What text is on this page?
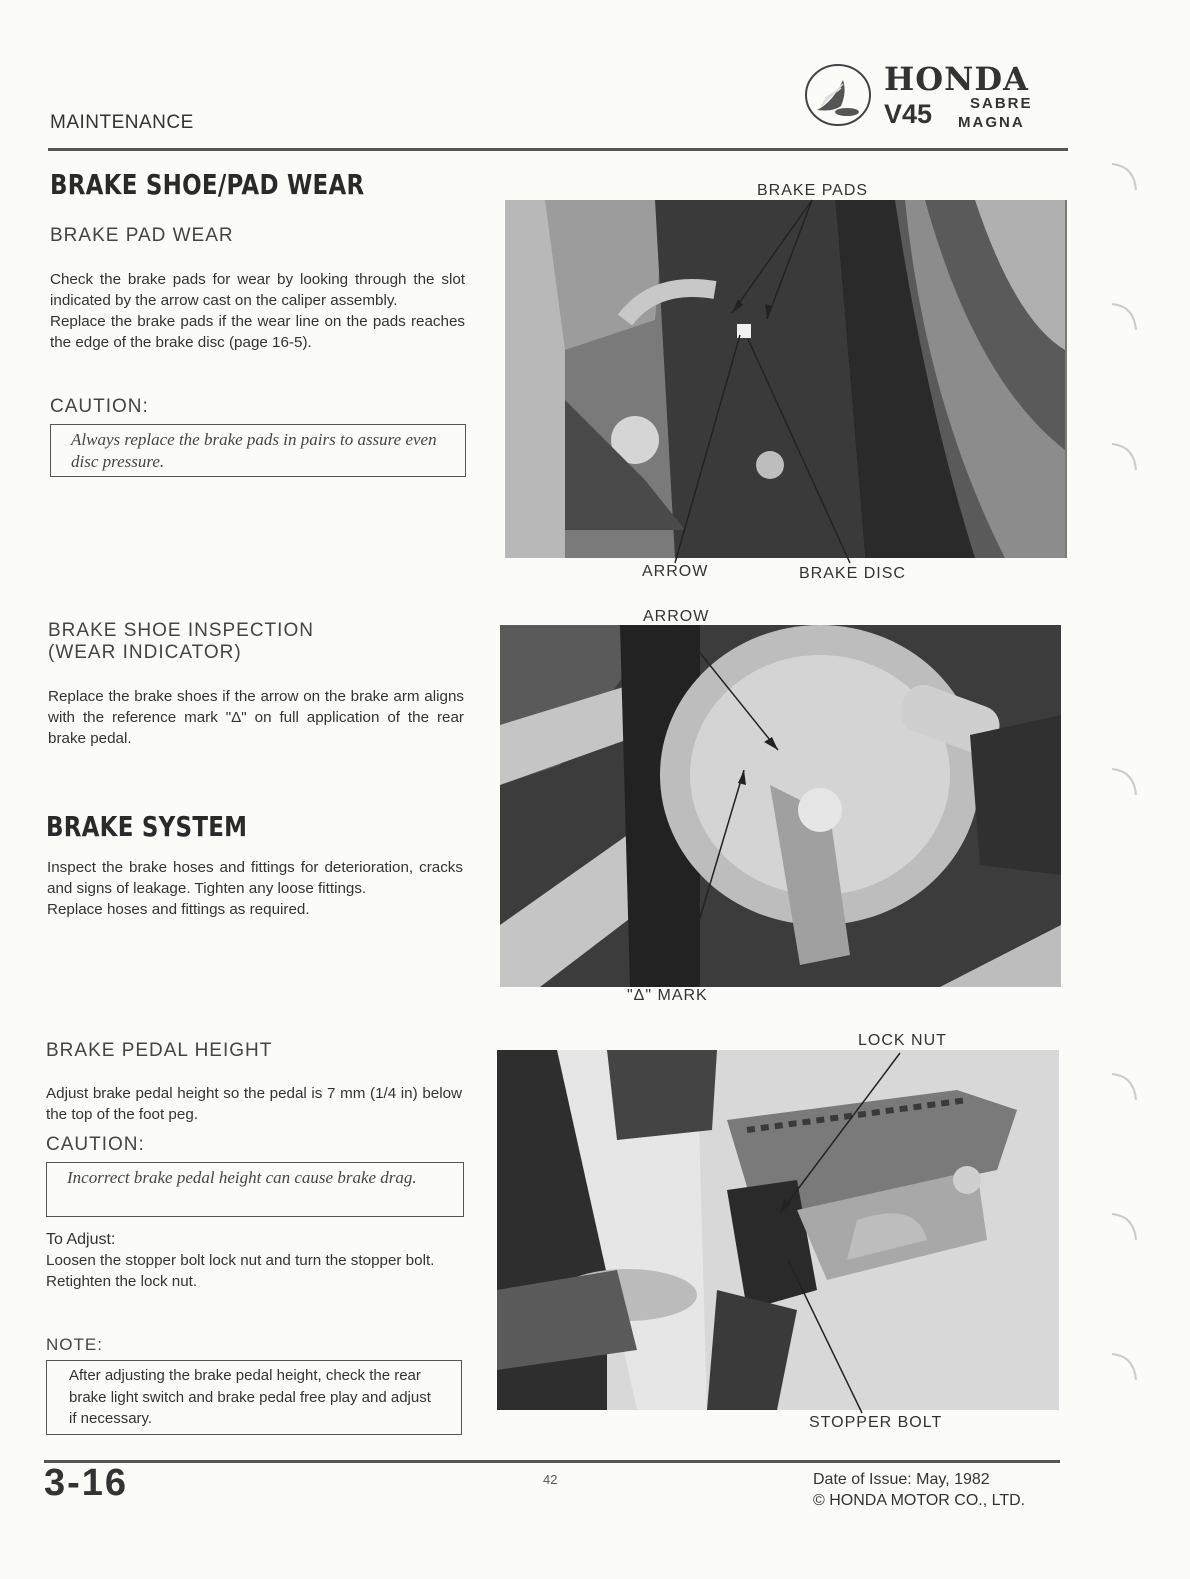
MAINTENANCE
HONDA
V45	SABRE
MAGNA
BRAKE SHOE/PAD WEAR
BRAKE PAD WEAR
Check the brake pads for wear by looking through the slot indicated by the arrow cast on the caliper assembly.
Replace the brake pads if the wear line on the pads reaches the edge of the brake disc (page 16-5).
CAUTION:
Always replace the brake pads in pairs to assure even disc pressure.
BRAKE PADS
ARROW	BRAKE DISC
BRAKE SHOE INSPECTION
(WEAR INDICATOR)
Replace the brake shoes if the arrow on the brake arm aligns with the reference mark "Δ" on full application of the rear brake pedal.
ARROW
"Δ" MARK
BRAKE SYSTEM
Inspect the brake hoses and fittings for deterioration, cracks and signs of leakage. Tighten any loose fittings.
Replace hoses and fittings as required.
BRAKE PEDAL HEIGHT
Adjust brake pedal height so the pedal is 7 mm (1/4 in) below the top of the foot peg.
CAUTION:
Incorrect brake pedal height can cause brake drag.
To Adjust:
Loosen the stopper bolt lock nut and turn the stopper bolt.
Retighten the lock nut.
NOTE:
After adjusting the brake pedal height, check the rear brake light switch and brake pedal free play and adjust if necessary.
LOCK NUT
STOPPER BOLT
3-16	42	Date of Issue: May, 1982
© HONDA MOTOR CO., LTD.
